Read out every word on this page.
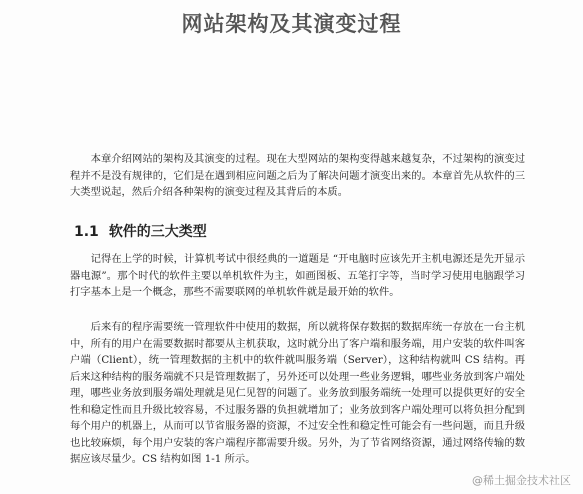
网站架构及其演变过程

本章介绍网站的架构及其演变的过程。现在大型网站的架构变得越来越复杂，不过架构的演变过程并不是没有规律的，它们是在遇到相应问题之后为了解决问题才演变出来的。本章首先从软件的三大类型说起，然后介绍各种架构的演变过程及其背后的本质。

1.1 软件的三大类型

记得在上学的时候，计算机考试中很经典的一道题是 “开电脑时应该先开主机电源还是先开显示器电源”。那个时代的软件主要以单机软件为主，如画图板、五笔打字等，当时学习使用电脑跟学习打字基本上是一个概念，那些不需要联网的单机软件就是最开始的软件。

后来有的程序需要统一管理软件中使用的数据，所以就将保存数据的数据库统一存放在一台主机中，所有的用户在需要数据时都要从主机获取，这时就分出了客户端和服务端，用户安装的软件叫客户端（Client），统一管理数据的主机中的软件就叫服务端（Server），这种结构就叫 CS 结构。再后来这种结构的服务端就不只是管理数据了，另外还可以处理一些业务逻辑，哪些业务放到客户端处理，哪些业务放到服务端处理就是见仁见智的问题了。业务放到服务端统一处理可以提供更好的安全性和稳定性而且升级比较容易，不过服务器的负担就增加了；业务放到客户端处理可以将负担分配到每个用户的机器上，从而可以节省服务器的资源，不过安全性和稳定性可能会有一些问题，而且升级也比较麻烦，每个用户安装的客户端程序都需要升级。另外，为了节省网络资源，通过网络传输的数据应该尽量少。CS 结构如图 1-1 所示。

@稀土掘金技术社区
